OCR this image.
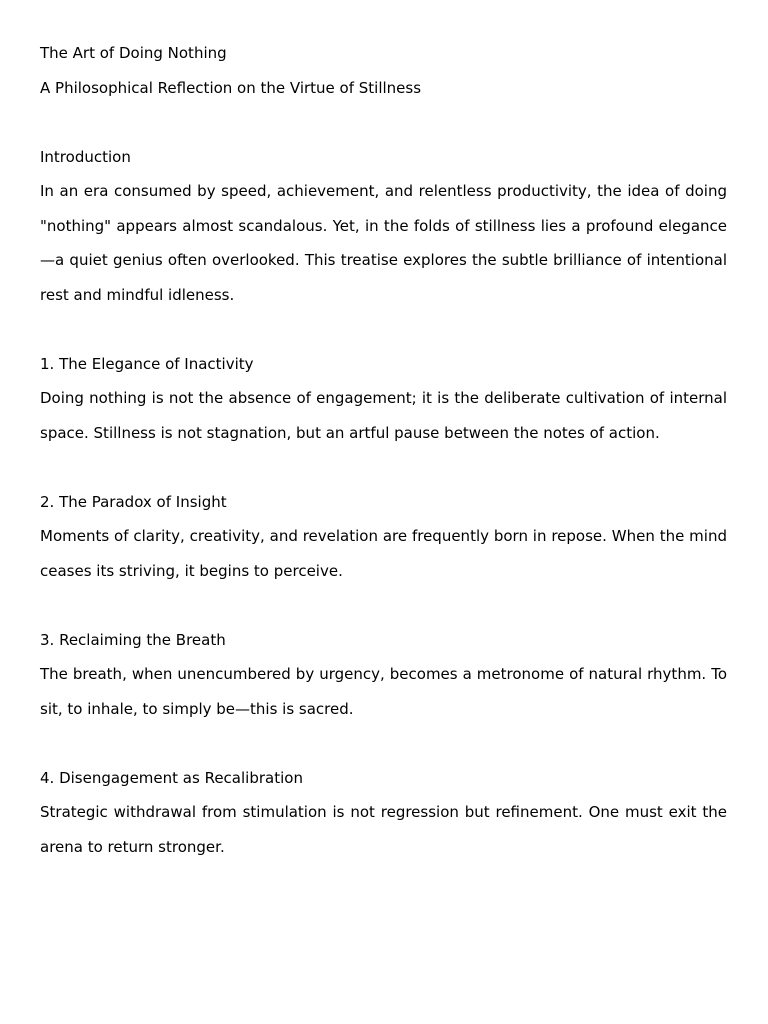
The Art of Doing Nothing

A Philosophical Reflection on the Virtue of Stillness

Introduction

In an era consumed by speed, achievement, and relentless productivity, the idea of doing "nothing" appears almost scandalous. Yet, in the folds of stillness lies a profound elegance—a quiet genius often overlooked. This treatise explores the subtle brilliance of intentional rest and mindful idleness.

1. The Elegance of Inactivity

Doing nothing is not the absence of engagement; it is the deliberate cultivation of internal space. Stillness is not stagnation, but an artful pause between the notes of action.

2. The Paradox of Insight

Moments of clarity, creativity, and revelation are frequently born in repose. When the mind ceases its striving, it begins to perceive.

3. Reclaiming the Breath

The breath, when unencumbered by urgency, becomes a metronome of natural rhythm. To sit, to inhale, to simply be—this is sacred.

4. Disengagement as Recalibration

Strategic withdrawal from stimulation is not regression but refinement. One must exit the arena to return stronger.
